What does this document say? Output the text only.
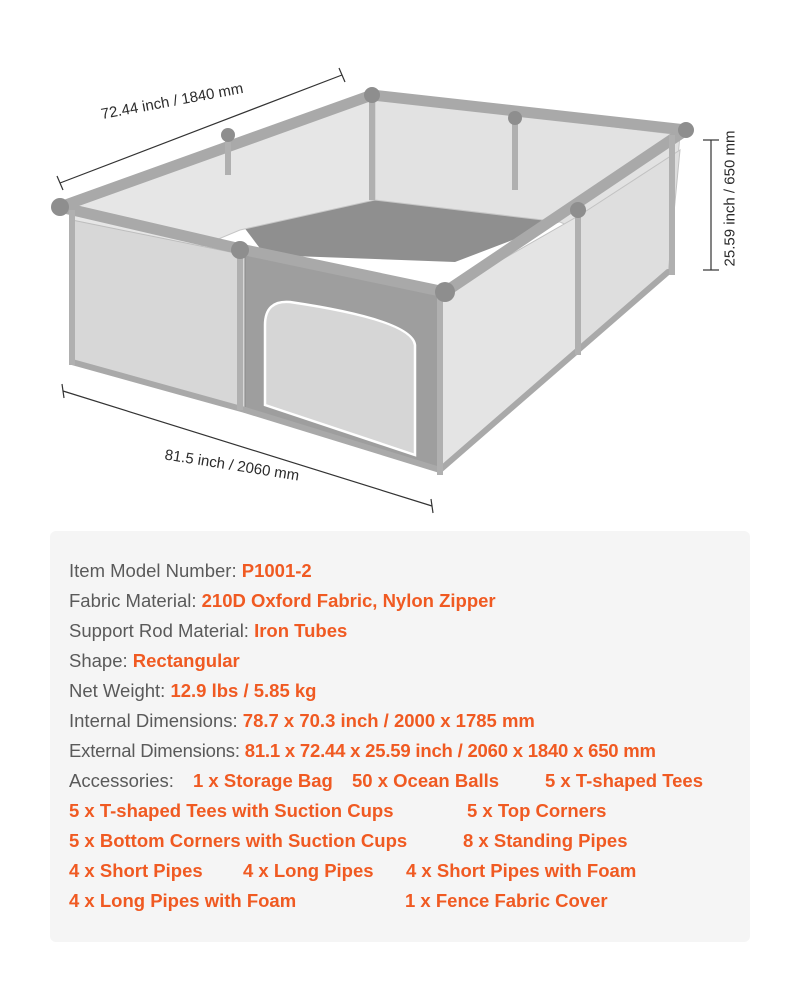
72.44 inch / 1840 mm
81.5 inch / 2060 mm
25.59 inch / 650 mm
Item Model Number: P1001-2
Fabric Material: 210D Oxford Fabric, Nylon Zipper
Support Rod Material: Iron Tubes
Shape: Rectangular
Net Weight: 12.9 lbs / 5.85 kg
Internal Dimensions: 78.7 x 70.3 inch / 2000 x 1785 mm
External Dimensions: 81.1 x 72.44 x 25.59 inch / 2060 x 1840 x 650 mm
Accessories: 1 x Storage Bag 50 x Ocean Balls 5 x T-shaped Tees
5 x T-shaped Tees with Suction Cups	5 x Top Corners
5 x Bottom Corners with Suction Cups	8 x Standing Pipes
4 x Short Pipes 4 x Long Pipes 4 x Short Pipes with Foam
4 x Long Pipes with Foam	1 x Fence Fabric Cover
